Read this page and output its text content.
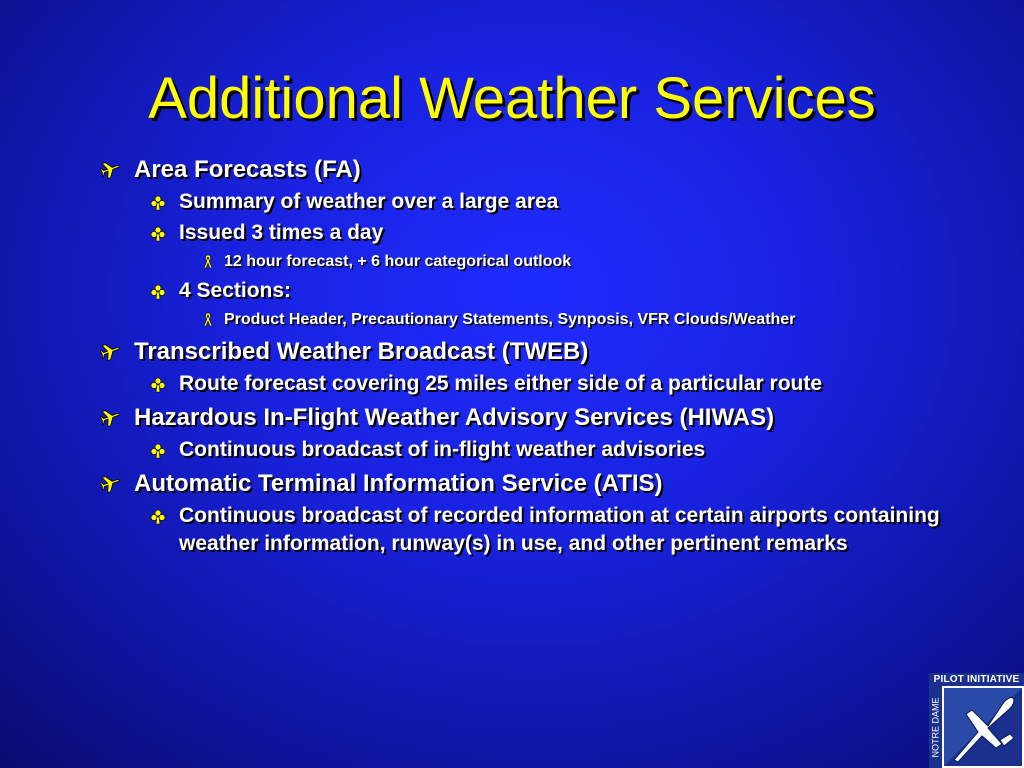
Additional Weather Services
Area Forecasts (FA)
Summary of weather over a large area
Issued 3 times a day
12 hour forecast, + 6 hour categorical outlook
4 Sections:
Product Header, Precautionary Statements, Synposis, VFR Clouds/Weather
Transcribed Weather Broadcast (TWEB)
Route forecast covering 25 miles either side of a particular route
Hazardous In-Flight Weather Advisory Services (HIWAS)
Continuous broadcast of in-flight weather advisories
Automatic Terminal Information Service (ATIS)
Continuous broadcast of recorded information at certain airports containing weather information, runway(s) in use, and other pertinent remarks
PILOT INITIATIVE
NOTRE DAME
